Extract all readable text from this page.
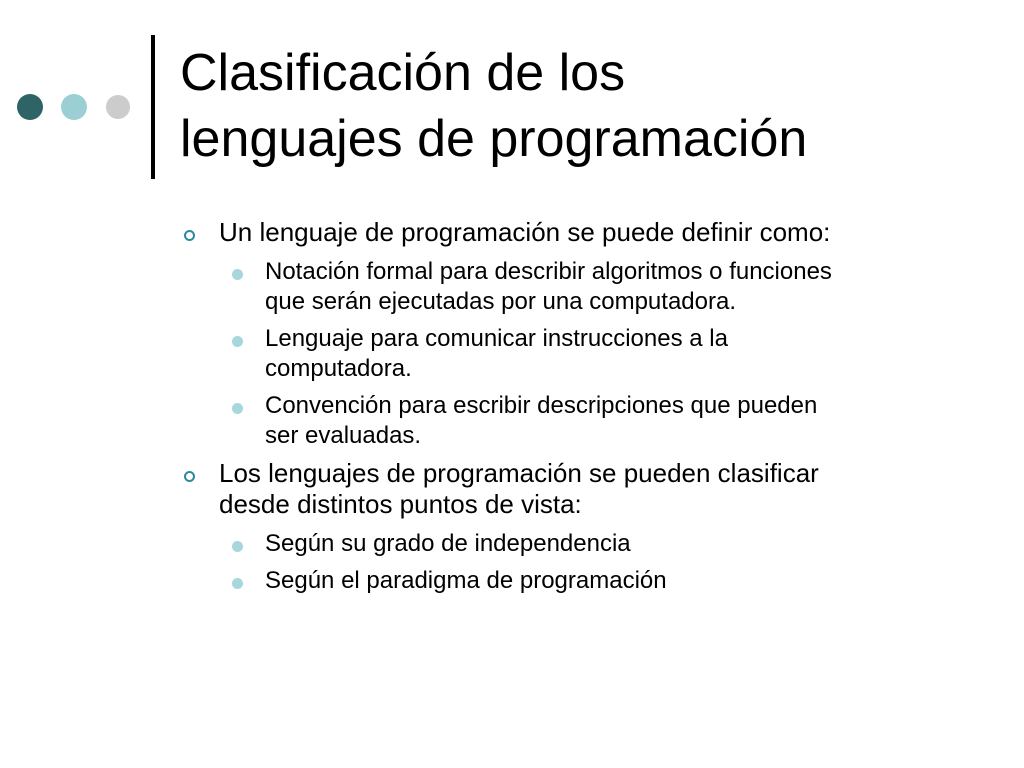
Clasificación de los
lenguajes de programación
Un lenguaje de programación se puede definir como:
Notación formal para describir algoritmos o funciones
que serán ejecutadas por una computadora.
Lenguaje para comunicar instrucciones a la
computadora.
Convención para escribir descripciones que pueden
ser evaluadas.
Los lenguajes de programación se pueden clasificar
desde distintos puntos de vista:
Según su grado de independencia
Según el paradigma de programación
